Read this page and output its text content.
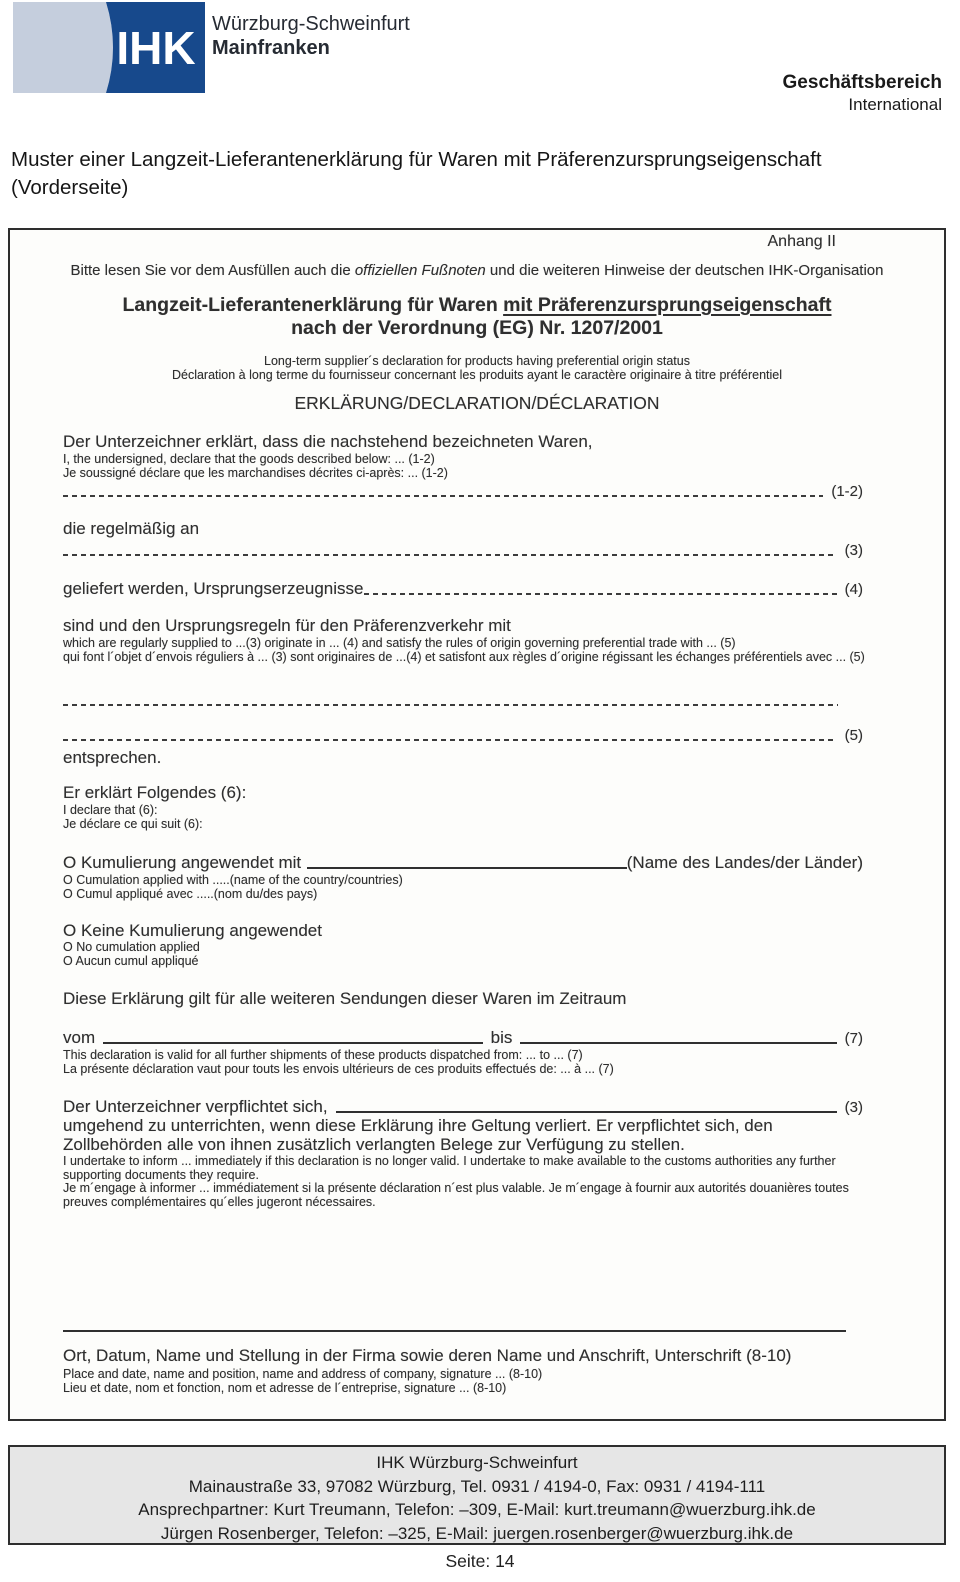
IHK Würzburg-Schweinfurt
Mainfranken
Geschäftsbereich
International
Muster einer Langzeit-Lieferantenerklärung für Waren mit Präferenzursprungseigenschaft
(Vorderseite)
Anhang II
Bitte lesen Sie vor dem Ausfüllen auch die offiziellen Fußnoten und die weiteren Hinweise der deutschen IHK-Organisation
Langzeit-Lieferantenerklärung für Waren mit Präferenzursprungseigenschaft
nach der Verordnung (EG) Nr. 1207/2001
Long-term supplier´s declaration for products having preferential origin status
Déclaration à long terme du fournisseur concernant les produits ayant le caractère originaire à titre préférentiel
ERKLÄRUNG/DECLARATION/DÉCLARATION
Der Unterzeichner erklärt, dass die nachstehend bezeichneten Waren,
I, the undersigned, declare that the goods described below: ... (1-2)
Je soussigné déclare que les marchandises décrites ci-après: ... (1-2)
(1-2)
die regelmäßig an
(3)
geliefert werden, Ursprungserzeugnisse	(4)
sind und den Ursprungsregeln für den Präferenzverkehr mit
which are regularly supplied to ...(3) originate in ... (4) and satisfy the rules of origin governing preferential trade with ... (5)
qui font l´objet d´envois réguliers à ... (3) sont originaires de ...(4) et satisfont aux règles d´origine régissant les échanges préférentiels avec ... (5)
(5)
entsprechen.
Er erklärt Folgendes (6):
I declare that (6):
Je déclare ce qui suit (6):
O Kumulierung angewendet mit	(Name des Landes/der Länder)
O Cumulation applied with .....(name of the country/countries)
O Cumul appliqué avec .....(nom du/des pays)
O Keine Kumulierung angewendet
O No cumulation applied
O Aucun cumul appliqué
Diese Erklärung gilt für alle weiteren Sendungen dieser Waren im Zeitraum
vom	bis	(7)
This declaration is valid for all further shipments of these products dispatched from: ... to ... (7)
La présente déclaration vaut pour touts les envois ultérieurs de ces produits effectués de: ... à ... (7)
Der Unterzeichner verpflichtet sich,	(3)
umgehend zu unterrichten, wenn diese Erklärung ihre Geltung verliert. Er verpflichtet sich, den
Zollbehörden alle von ihnen zusätzlich verlangten Belege zur Verfügung zu stellen.
I undertake to inform ... immediately if this declaration is no longer valid. I undertake to make available to the customs authorities any further supporting documents they require.
Je m´engage à informer ... immédiatement si la présente déclaration n´est plus valable. Je m´engage à fournir aux autorités douanières toutes preuves complémentaires qu´elles jugeront nécessaires.
Ort, Datum, Name und Stellung in der Firma sowie deren Name und Anschrift, Unterschrift (8-10)
Place and date, name and position, name and address of company, signature ... (8-10)
Lieu et date, nom et fonction, nom et adresse de l´entreprise, signature ... (8-10)
IHK Würzburg-Schweinfurt
Mainaustraße 33, 97082 Würzburg, Tel. 0931 / 4194-0, Fax: 0931 / 4194-111
Ansprechpartner: Kurt Treumann, Telefon: –309, E-Mail: kurt.treumann@wuerzburg.ihk.de
Jürgen Rosenberger, Telefon: –325, E-Mail: juergen.rosenberger@wuerzburg.ihk.de
Seite: 14
